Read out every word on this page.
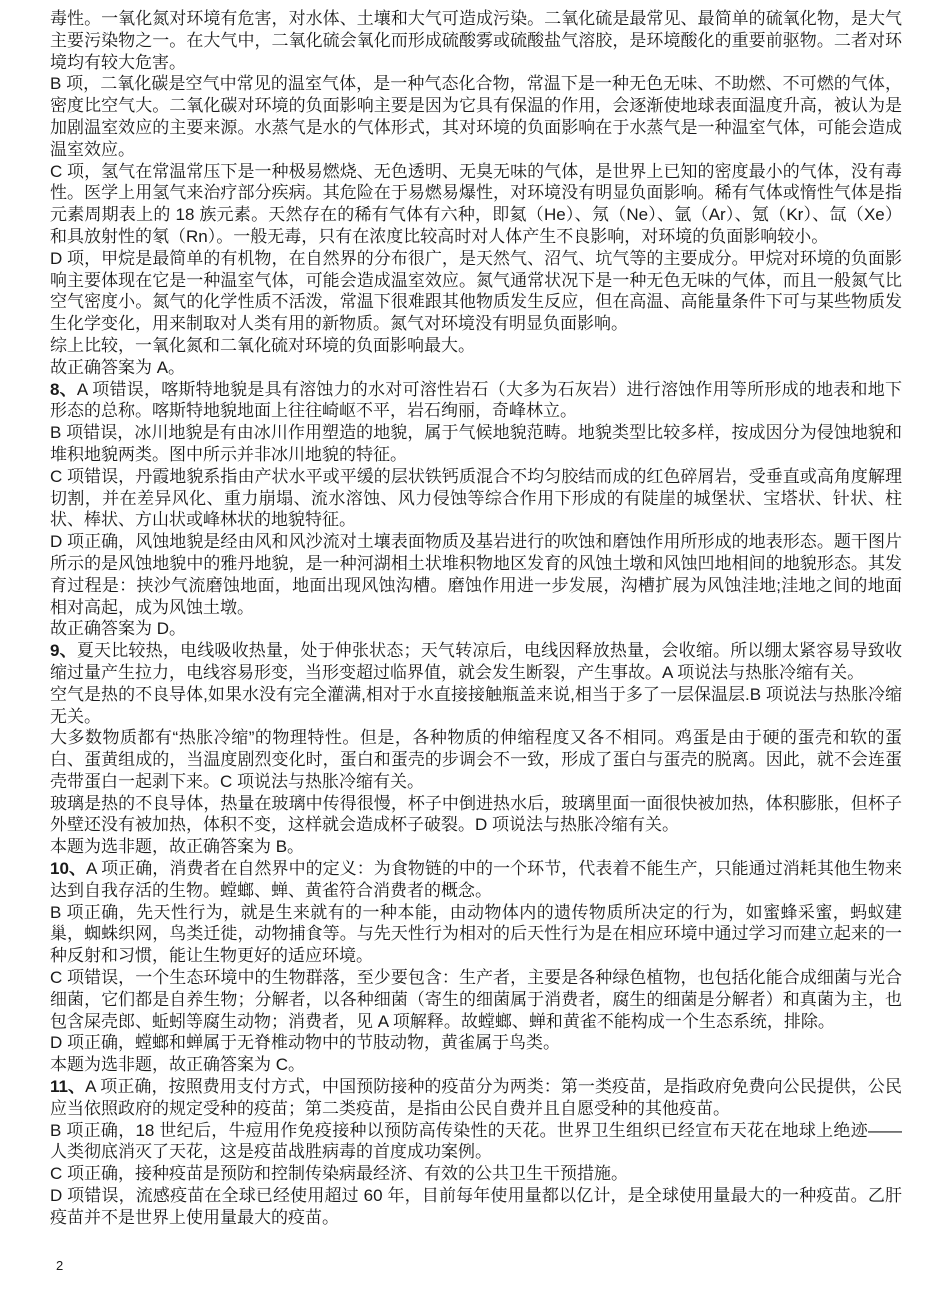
毒性。一氧化氮对环境有危害，对水体、土壤和大气可造成污染。二氧化硫是最常见、最简单的硫氧化物，是大气主要污染物之一。在大气中，二氧化硫会氧化而形成硫酸雾或硫酸盐气溶胶，是环境酸化的重要前驱物。二者对环境均有较大危害。

B 项，二氧化碳是空气中常见的温室气体，是一种气态化合物，常温下是一种无色无味、不助燃、不可燃的气体，密度比空气大。二氧化碳对环境的负面影响主要是因为它具有保温的作用，会逐渐使地球表面温度升高，被认为是加剧温室效应的主要来源。水蒸气是水的气体形式，其对环境的负面影响在于水蒸气是一种温室气体，可能会造成温室效应。

C 项，氢气在常温常压下是一种极易燃烧、无色透明、无臭无味的气体，是世界上已知的密度最小的气体，没有毒性。医学上用氢气来治疗部分疾病。其危险在于易燃易爆性，对环境没有明显负面影响。稀有气体或惰性气体是指元素周期表上的 18 族元素。天然存在的稀有气体有六种，即氦（He）、氖（Ne）、氩（Ar）、氪（Kr）、氙（Xe）和具放射性的氡（Rn）。一般无毒，只有在浓度比较高时对人体产生不良影响，对环境的负面影响较小。

D 项，甲烷是最简单的有机物，在自然界的分布很广，是天然气、沼气、坑气等的主要成分。甲烷对环境的负面影响主要体现在它是一种温室气体，可能会造成温室效应。氮气通常状况下是一种无色无味的气体，而且一般氮气比空气密度小。氮气的化学性质不活泼，常温下很难跟其他物质发生反应，但在高温、高能量条件下可与某些物质发生化学变化，用来制取对人类有用的新物质。氮气对环境没有明显负面影响。

综上比较，一氧化氮和二氧化硫对环境的负面影响最大。

故正确答案为 A。

8、A 项错误，喀斯特地貌是具有溶蚀力的水对可溶性岩石（大多为石灰岩）进行溶蚀作用等所形成的地表和地下形态的总称。喀斯特地貌地面上往往崎岖不平，岩石绚丽，奇峰林立。

B 项错误，冰川地貌是有由冰川作用塑造的地貌，属于气候地貌范畴。地貌类型比较多样，按成因分为侵蚀地貌和堆积地貌两类。图中所示并非冰川地貌的特征。

C 项错误，丹霞地貌系指由产状水平或平缓的层状铁钙质混合不均匀胶结而成的红色碎屑岩，受垂直或高角度解理切割，并在差异风化、重力崩塌、流水溶蚀、风力侵蚀等综合作用下形成的有陡崖的城堡状、宝塔状、针状、柱状、棒状、方山状或峰林状的地貌特征。

D 项正确，风蚀地貌是经由风和风沙流对土壤表面物质及基岩进行的吹蚀和磨蚀作用所形成的地表形态。题干图片所示的是风蚀地貌中的雅丹地貌，是一种河湖相土状堆积物地区发育的风蚀土墩和风蚀凹地相间的地貌形态。其发育过程是：挟沙气流磨蚀地面，地面出现风蚀沟槽。磨蚀作用进一步发展，沟槽扩展为风蚀洼地;洼地之间的地面相对高起，成为风蚀土墩。

故正确答案为 D。

9、夏天比较热，电线吸收热量，处于伸张状态；天气转凉后，电线因释放热量，会收缩。所以绷太紧容易导致收缩过量产生拉力，电线容易形变，当形变超过临界值，就会发生断裂，产生事故。A 项说法与热胀冷缩有关。

空气是热的不良导体,如果水没有完全灌满,相对于水直接接触瓶盖来说,相当于多了一层保温层.B 项说法与热胀冷缩无关。

大多数物质都有“热胀冷缩”的物理特性。但是，各种物质的伸缩程度又各不相同。鸡蛋是由于硬的蛋壳和软的蛋白、蛋黄组成的，当温度剧烈变化时，蛋白和蛋壳的步调会不一致，形成了蛋白与蛋壳的脱离。因此，就不会连蛋壳带蛋白一起剥下来。C 项说法与热胀冷缩有关。

玻璃是热的不良导体，热量在玻璃中传得很慢，杯子中倒进热水后，玻璃里面一面很快被加热，体积膨胀，但杯子外壁还没有被加热，体积不变，这样就会造成杯子破裂。D 项说法与热胀冷缩有关。

本题为选非题，故正确答案为 B。

10、A 项正确，消费者在自然界中的定义：为食物链的中的一个环节，代表着不能生产，只能通过消耗其他生物来达到自我存活的生物。螳螂、蝉、黄雀符合消费者的概念。

B 项正确，先天性行为，就是生来就有的一种本能，由动物体内的遗传物质所决定的行为，如蜜蜂采蜜，蚂蚁建巢，蜘蛛织网，鸟类迁徙，动物捕食等。与先天性行为相对的后天性行为是在相应环境中通过学习而建立起来的一种反射和习惯，能让生物更好的适应环境。

C 项错误，一个生态环境中的生物群落，至少要包含：生产者，主要是各种绿色植物，也包括化能合成细菌与光合细菌，它们都是自养生物；分解者，以各种细菌（寄生的细菌属于消费者，腐生的细菌是分解者）和真菌为主，也包含屎壳郎、蚯蚓等腐生动物；消费者，见 A 项解释。故螳螂、蝉和黄雀不能构成一个生态系统，排除。

D 项正确，螳螂和蝉属于无脊椎动物中的节肢动物，黄雀属于鸟类。

本题为选非题，故正确答案为 C。

11、A 项正确，按照费用支付方式，中国预防接种的疫苗分为两类：第一类疫苗，是指政府免费向公民提供，公民应当依照政府的规定受种的疫苗；第二类疫苗，是指由公民自费并且自愿受种的其他疫苗。

B 项正确，18 世纪后，牛痘用作免疫接种以预防高传染性的天花。世界卫生组织已经宣布天花在地球上绝迹——人类彻底消灭了天花，这是疫苗战胜病毒的首度成功案例。

C 项正确，接种疫苗是预防和控制传染病最经济、有效的公共卫生干预措施。

D 项错误，流感疫苗在全球已经使用超过 60 年，目前每年使用量都以亿计，是全球使用量最大的一种疫苗。乙肝疫苗并不是世界上使用量最大的疫苗。

2
